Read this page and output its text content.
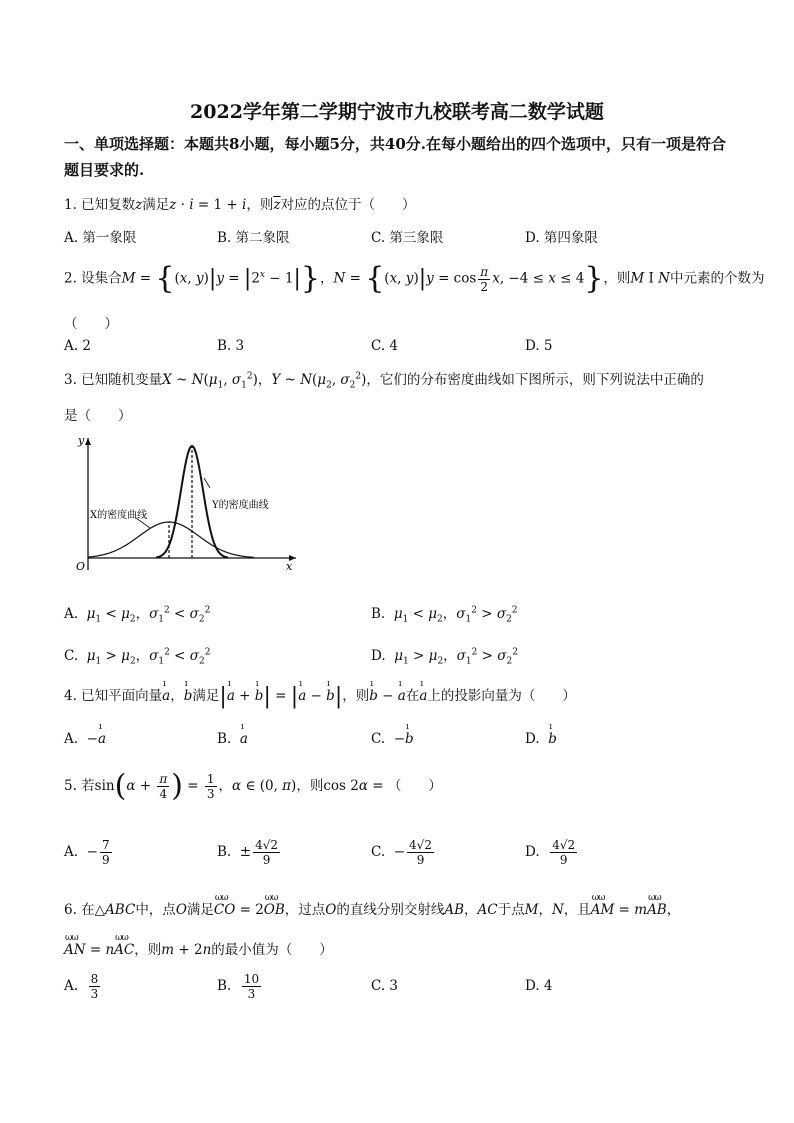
2022学年第二学期宁波市九校联考高二数学试题
一、单项选择题：本题共8小题，每小题5分，共40分.在每小题给出的四个选项中，只有一项是符合题目要求的.
1. 已知复数z满足z · i = 1 + i，则$\overline{z}$对应的点位于（　　）
A. 第一象限	B. 第二象限	C. 第三象限	D. 第四象限
2. 设集合M = {(x, $y)|y = |2^x - 1|$}，N = {(x, $y)|y = \cos \frac{\pi}{2} x$, −4 ≤ x ≤ 4}，则M I N中元素的个数为
（　　）
A. 2	B. 3	C. 4	D. 5
3. 已知随机变量X ~ $N(\mu_1$, $\sigma_1^2$)，Y ~ $N(\mu_2$, $\sigma_2^2$)，它们的分布密度曲线如下图所示，则下列说法中正确的
是（　　）
y
x
O
X的密度曲线
Y的密度曲线
A. $\mu_1 < \mu_2$，$\sigma_1^2 < \sigma_2^2$	B. $\mu_1 < \mu_2$，$\sigma_1^2 > \sigma_2^2$
C. $\mu_1 > \mu_2$，$\sigma_1^2 < \sigma_2^2$	D. $\mu_1 > \mu_2$，$\sigma_1^2 > \sigma_2^2$
4. 已知平面向量
ı
a，
ı
b满足| ı
a +
ı
b| = | ı
a −
ı
b|，则
ı
b −
ı
a在
ı
a上的投影向量为（　　）
A.  −
ı
a	B.
ı
a	C.  −
ı
b	D.
ı
b
5. 若$\sin(\alpha + \frac{\pi}{4}$ ) = $\frac{1}{3}$ ，α ∈ (0, π)，则cos 2α = （　　）
A.  − $\frac{7}{9}$	B.  ± $\frac{4√2}{9}$	C.  − $\frac{4√2}{9}$	D. $\frac{4√2}{9}$
6. 在△ABC中，点O满足
ωω
CO = 2
ωω
OB，过点O的直线分别交射线AB，AC于点M，N，且
ωω
AM = m
ωω
AB，
ωω
AN = n
ωω
AC，则m + 2n的最小值为（　　）
A. $\frac{8}{3}$	B. $\frac{10}{3}$	C. 3	D. 4
